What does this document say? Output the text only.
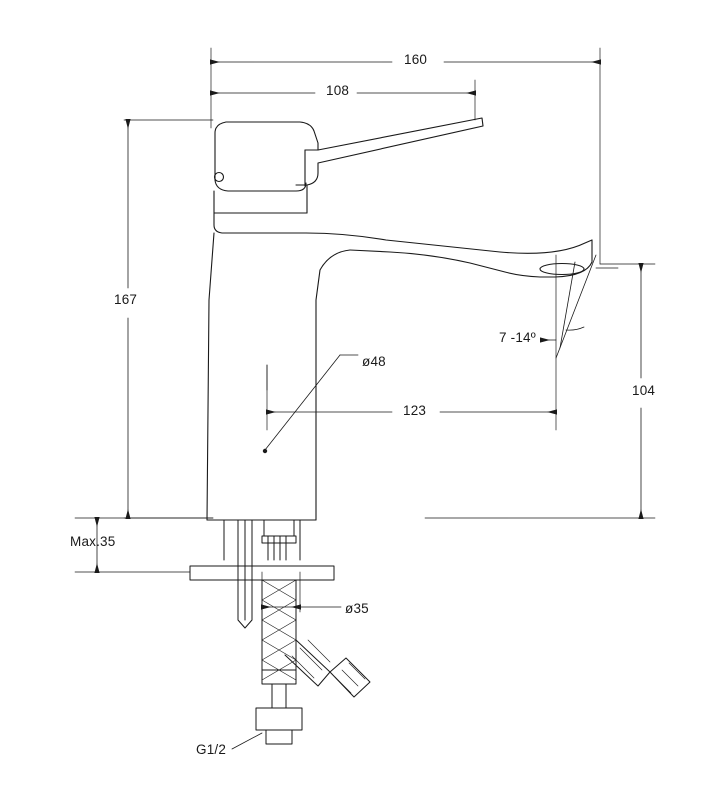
160
108
167
104
123
ø48
ø35
7 -14º
Max.35
G1/2
